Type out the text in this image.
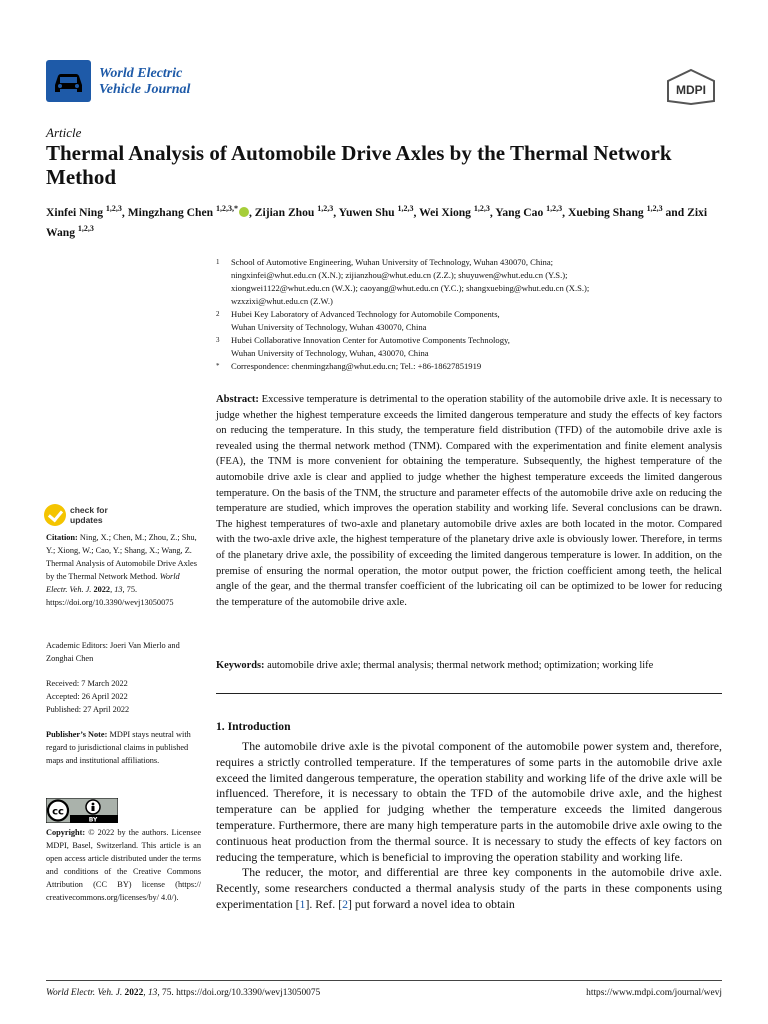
World Electric
Vehicle Journal	MDPI
Article
Thermal Analysis of Automobile Drive Axles by the Thermal Network Method
Xinfei Ning $^{1,2,3}$, Mingzhang Chen $^{1,2,3,*}$ , Zijian Zhou $^{1,2,3}$, Yuwen Shu $^{1,2,3}$, Wei Xiong $^{1,2,3}$, Yang Cao $^{1,2,3}$, Xuebing Shang $^{1,2,3}$ and Zixi Wang $^{1,2,3}$
1	School of Automotive Engineering, Wuhan University of Technology, Wuhan 430070, China;
ningxinfei@whut.edu.cn (X.N.); zijianzhou@whut.edu.cn (Z.Z.); shuyuwen@whut.edu.cn (Y.S.);
xiongwei1122@whut.edu.cn (W.X.); caoyang@whut.edu.cn (Y.C.); shangxuebing@whut.edu.cn (X.S.);
wzxzixi@whut.edu.cn (Z.W.)
2	Hubei Key Laboratory of Advanced Technology for Automobile Components,
Wuhan University of Technology, Wuhan 430070, China
3	Hubei Collaborative Innovation Center for Automotive Components Technology,
Wuhan University of Technology, Wuhan, 430070, China
*	Correspondence: chenmingzhang@whut.edu.cn; Tel.: +86-18627851919
Abstract: Excessive temperature is detrimental to the operation stability of the automobile drive axle. It is necessary to judge whether the highest temperature exceeds the limited dangerous temperature and study the effects of key factors on reducing the temperature. In this study, the temperature field distribution (TFD) of the automobile drive axle is revealed using the thermal network method (TNM). Compared with the experimentation and finite element analysis (FEA), the TNM is more convenient for obtaining the temperature. Subsequently, the highest temperature of the automobile drive axle is clear and applied to judge whether the highest temperature exceeds the limited dangerous temperature. On the basis of the TNM, the structure and parameter effects of the automobile drive axle on reducing the temperature are studied, which improves the operation stability and working life. Several conclusions can be drawn. The highest temperatures of two-axle and planetary automobile drive axles are both located in the motor. Compared with the two-axle drive axle, the highest temperature of the planetary drive axle is obviously lower. Therefore, in terms of the planetary drive axle, the possibility of exceeding the limited dangerous temperature is lower. In addition, on the premise of ensuring the normal operation, the motor output power, the friction coefficient among teeth, the helical angle of the gear, and the thermal transfer coefficient of the lubricating oil can be optimized to be lower for reducing the temperature of the automobile drive axle.
Keywords: automobile drive axle; thermal analysis; thermal network method; optimization; working life
1. Introduction

The automobile drive axle is the pivotal component of the automobile power system and, therefore, requires a strictly controlled temperature. If the temperatures of some parts in the automobile drive axle exceed the limited dangerous temperature, the operation stability and working life of the drive axle will be influenced. Therefore, it is necessary to obtain the TFD of the automobile drive axle, and the highest temperature can be applied for judging whether the temperature exceeds the limited dangerous temperature. Furthermore, there are many high temperature parts in the automobile drive axle owing to the continuous heat production from the thermal source. It is necessary to study the effects of key factors on reducing the temperature, which is beneficial to improving the operation stability and working life.

The reducer, the motor, and differential are three key components in the automobile drive axle. Recently, some researchers conducted a thermal analysis study of the parts in these components using experimentation [1]. Ref. [2] put forward a novel idea to obtain

check for
updates
Citation: Ning, X.; Chen, M.; Zhou, Z.; Shu, Y.; Xiong, W.; Cao, Y.; Shang, X.; Wang, Z. Thermal Analysis of Automobile Drive Axles by the Thermal Network Method. World Electr. Veh. J. 2022, 13, 75. https://doi.org/10.3390/wevj13050075
Academic Editors: Joeri Van Mierlo and Zonghai Chen
Received: 7 March 2022
Accepted: 26 April 2022
Published: 27 April 2022
Publisher’s Note: MDPI stays neutral with regard to jurisdictional claims in published maps and institutional affiliations.
cc
BY
Copyright: © 2022 by the authors. Licensee MDPI, Basel, Switzerland. This article is an open access article distributed under the terms and conditions of the Creative Commons Attribution (CC BY) license (https:// creativecommons.org/licenses/by/ 4.0/).
World Electr. Veh. J. 2022, 13, 75. https://doi.org/10.3390/wevj13050075	https://www.mdpi.com/journal/wevj
